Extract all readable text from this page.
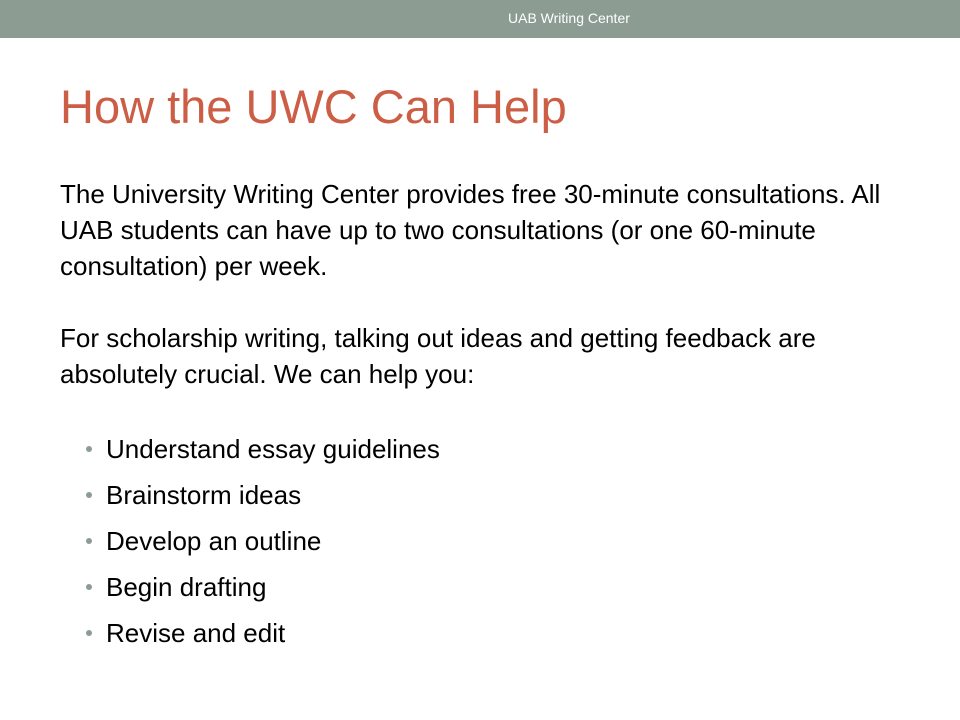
UAB Writing Center
How the UWC Can Help

The University Writing Center provides free 30-minute consultations. All UAB students can have up to two consultations (or one 60-minute consultation) per week.

For scholarship writing, talking out ideas and getting feedback are absolutely crucial. We can help you:

Understand essay guidelines
Brainstorm ideas
Develop an outline
Begin drafting
Revise and edit
